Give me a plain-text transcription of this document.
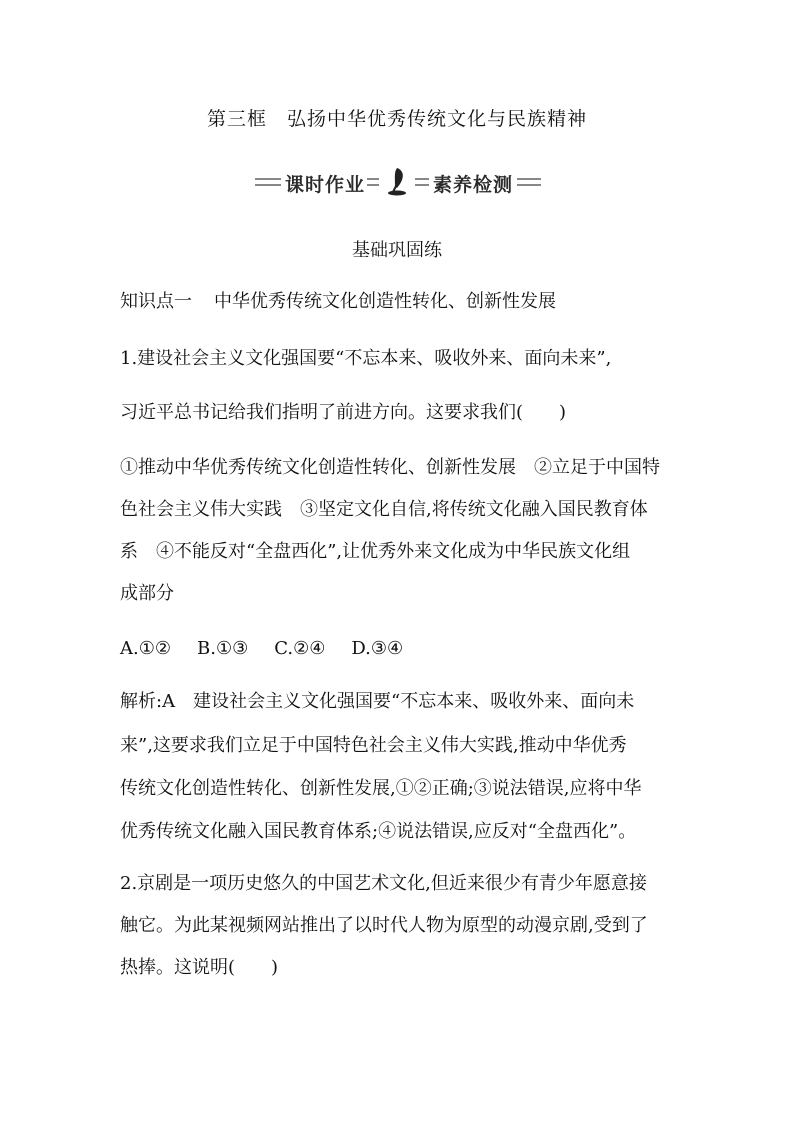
第三框　弘扬中华优秀传统文化与民族精神
课时作业	素养检测
基础巩固练
知识点一 中华优秀传统文化创造性转化、创新性发展
1.建设社会主义文化强国要“不忘本来、吸收外来、面向未来”,
习近平总书记给我们指明了前进方向。这要求我们(　　)
①推动中华优秀传统文化创造性转化、创新性发展　②立足于中国特
色社会主义伟大实践　③坚定文化自信,将传统文化融入国民教育体
系　④不能反对“全盘西化”,让优秀外来文化成为中华民族文化组
成部分
A.①② B.①③ C.②④ D.③④
解析:A　建设社会主义文化强国要“不忘本来、吸收外来、面向未
来”,这要求我们立足于中国特色社会主义伟大实践,推动中华优秀
传统文化创造性转化、创新性发展,①②正确;③说法错误,应将中华
优秀传统文化融入国民教育体系;④说法错误,应反对“全盘西化”。
2.京剧是一项历史悠久的中国艺术文化,但近来很少有青少年愿意接
触它。为此某视频网站推出了以时代人物为原型的动漫京剧,受到了
热捧。这说明(　　)
